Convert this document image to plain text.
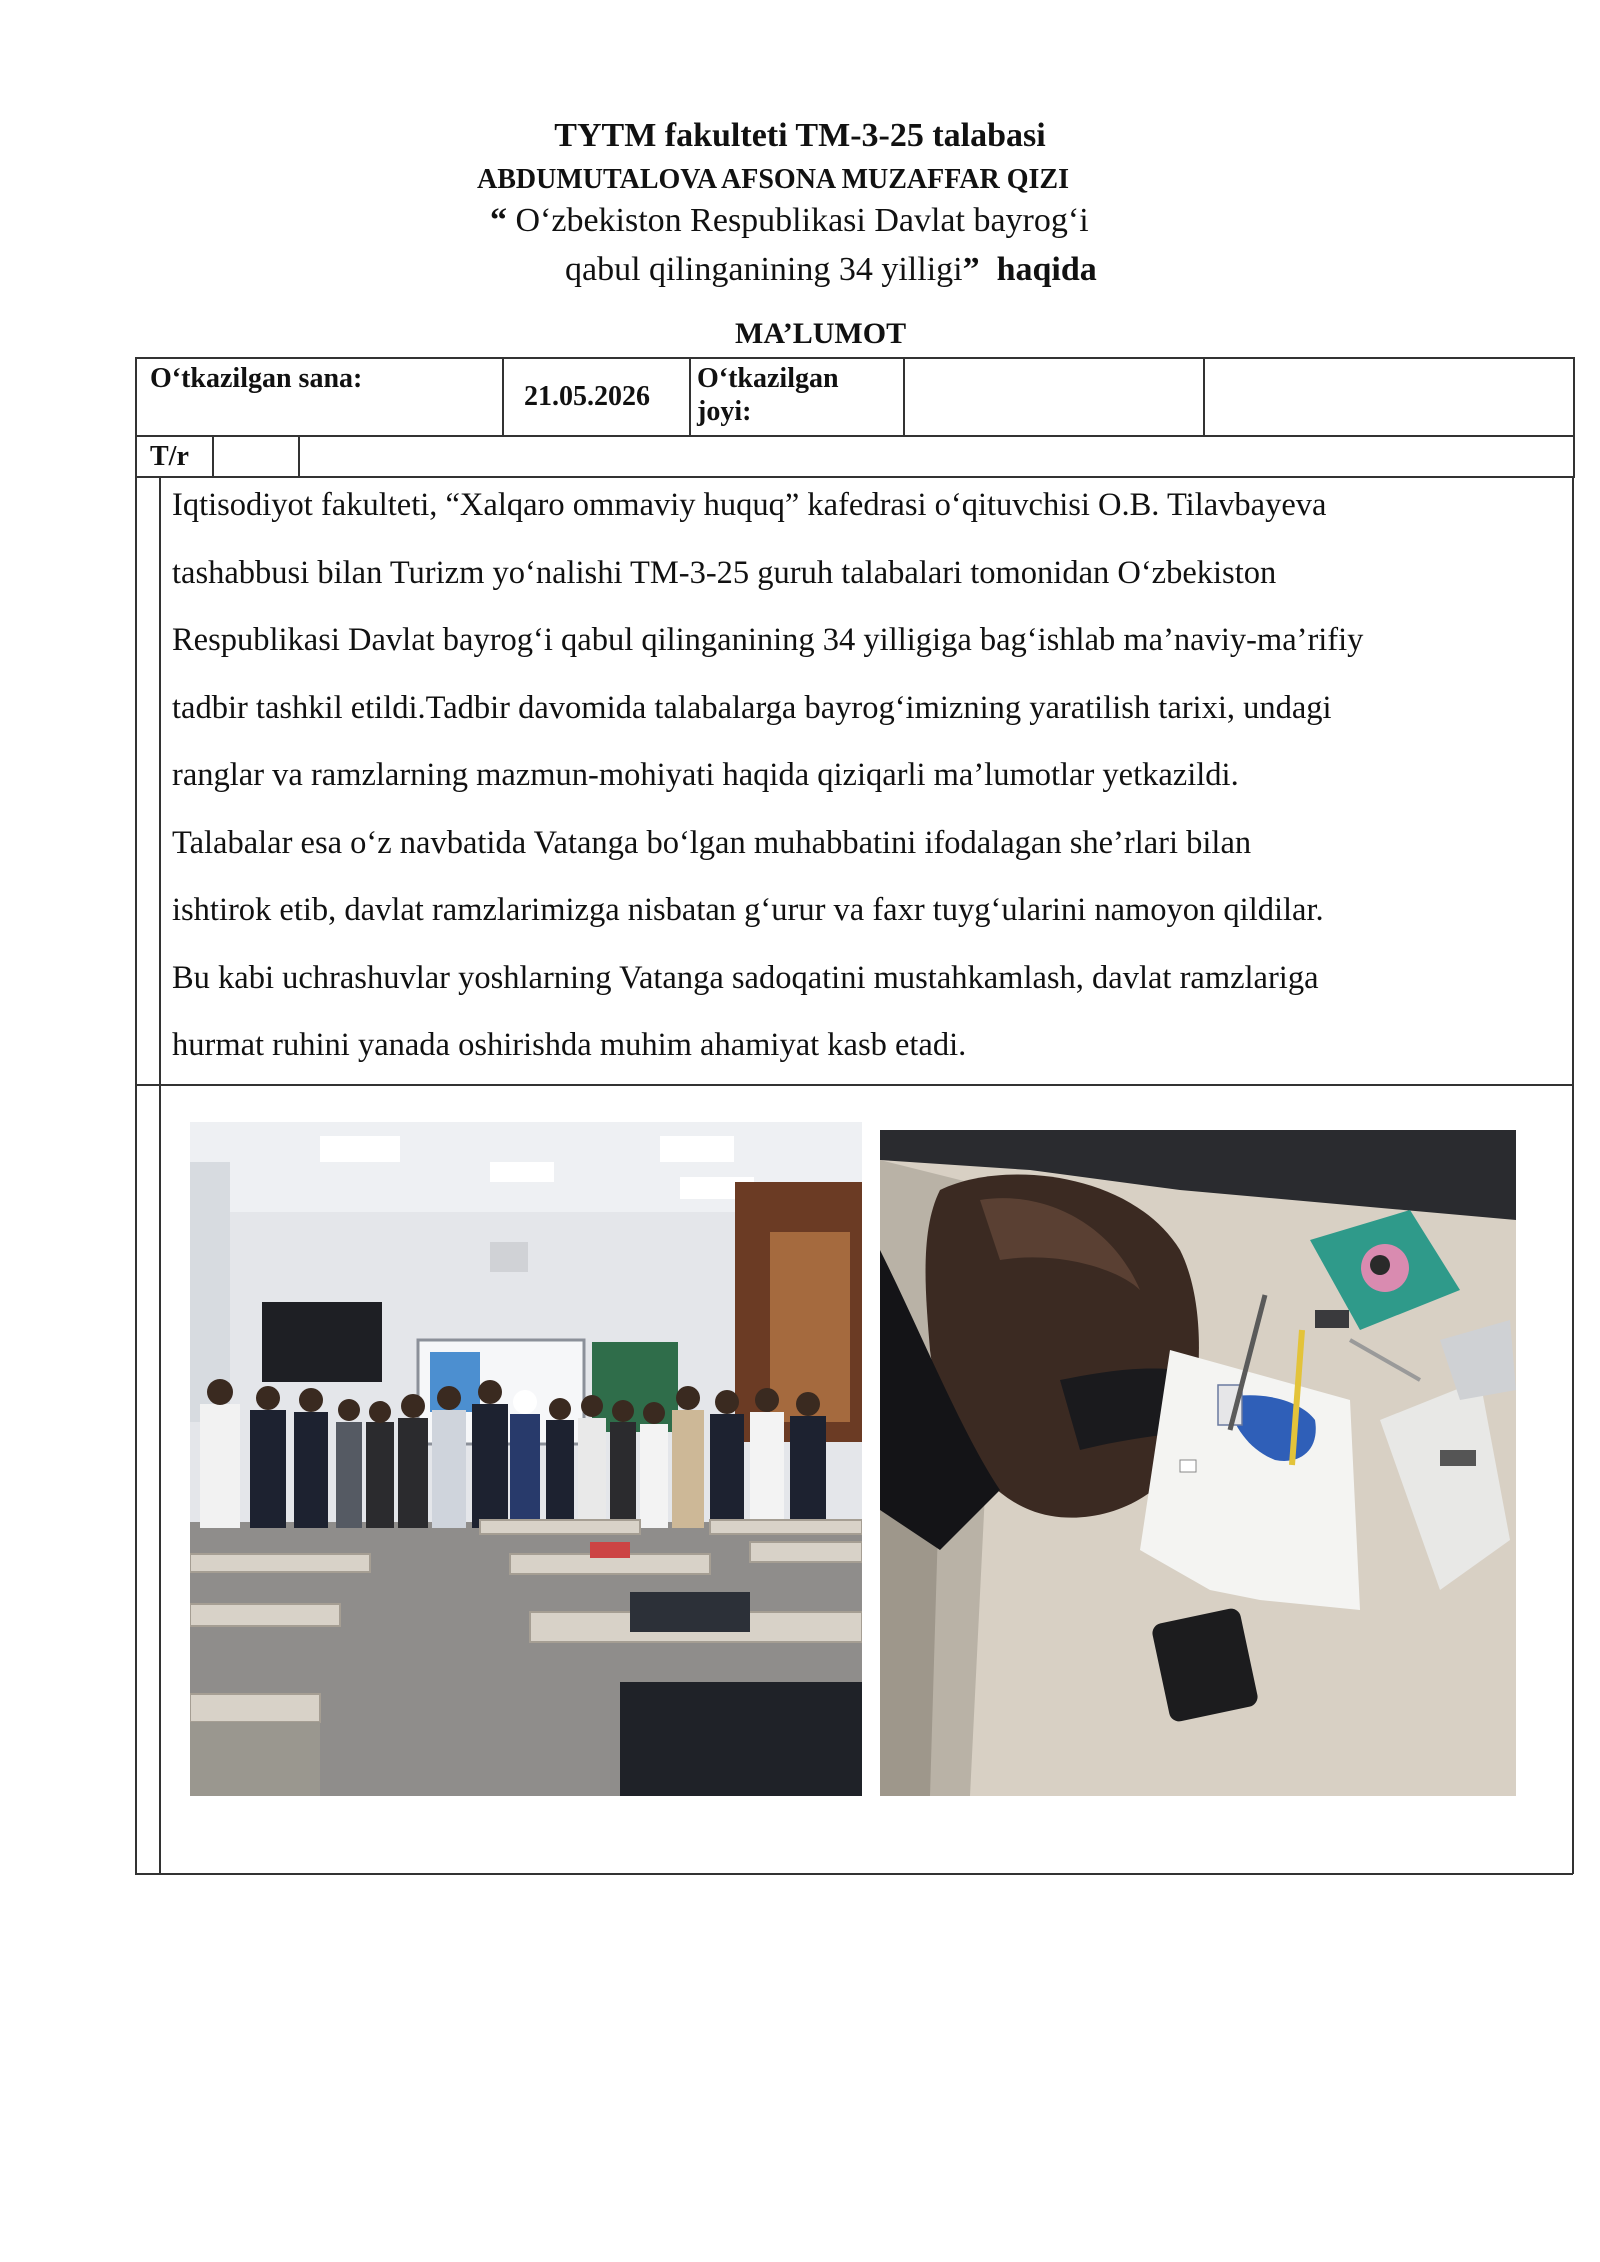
TYTM fakulteti TM-3-25 talabasi
ABDUMUTALOVA AFSONA MUZAFFAR QIZI
“ O‘zbekiston Respublikasi Davlat bayrog‘i
qabul qilinganining 34 yilligi” haqida
MA’LUMOT
O‘tkazilgan sana:
21.05.2026
O‘tkazilgan
joyi:
T/r

Iqtisodiyot fakulteti, “Xalqaro ommaviy huquq” kafedrasi o‘qituvchisi O.B. Tilavbayeva

tashabbusi bilan Turizm yo‘nalishi TM-3-25 guruh talabalari tomonidan O‘zbekiston

Respublikasi Davlat bayrog‘i qabul qilinganining 34 yilligiga bag‘ishlab ma’naviy-ma’rifiy

tadbir tashkil etildi.Tadbir davomida talabalarga bayrog‘imizning yaratilish tarixi, undagi

ranglar va ramzlarning mazmun-mohiyati haqida qiziqarli ma’lumotlar yetkazildi.

Talabalar esa o‘z navbatida Vatanga bo‘lgan muhabbatini ifodalagan she’rlari bilan

ishtirok etib, davlat ramzlarimizga nisbatan g‘urur va faxr tuyg‘ularini namoyon qildilar.

Bu kabi uchrashuvlar yoshlarning Vatanga sadoqatini mustahkamlash, davlat ramzlariga

hurmat ruhini yanada oshirishda muhim ahamiyat kasb etadi.
